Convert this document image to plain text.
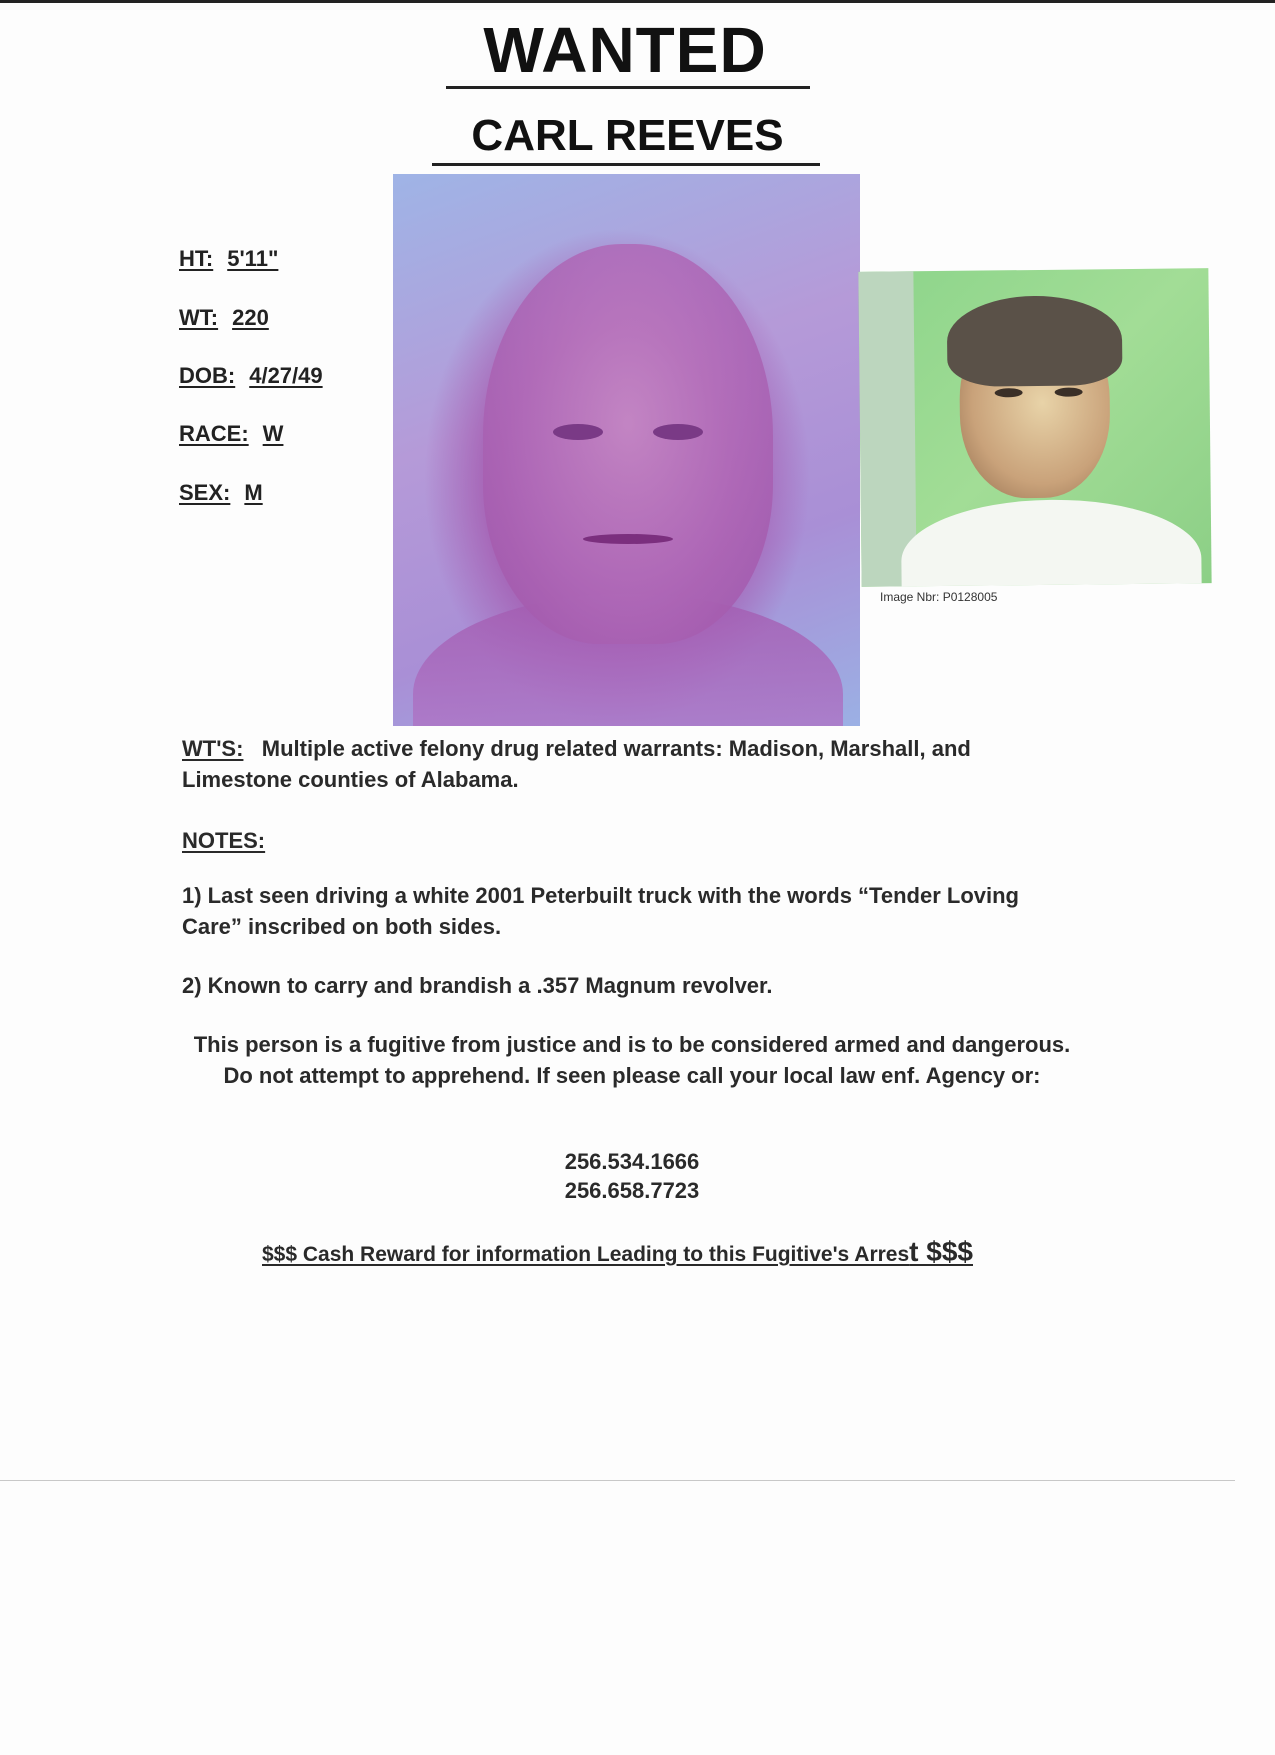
WANTED
CARL REEVES
HT: 5'11"
WT: 220
DOB: 4/27/49
RACE: W
SEX: M
Image Nbr: P0128005
WT'S: Multiple active felony drug related warrants: Madison, Marshall, and Limestone counties of Alabama.
NOTES:
1) Last seen driving a white 2001 Peterbuilt truck with the words “Tender Loving Care” inscribed on both sides.
2) Known to carry and brandish a .357 Magnum revolver.
This person is a fugitive from justice and is to be considered armed and dangerous. Do not attempt to apprehend. If seen please call your local law enf. Agency or:
256.534.1666
256.658.7723
$$$ Cash Reward for information Leading to this Fugitive's Arrest $$$
